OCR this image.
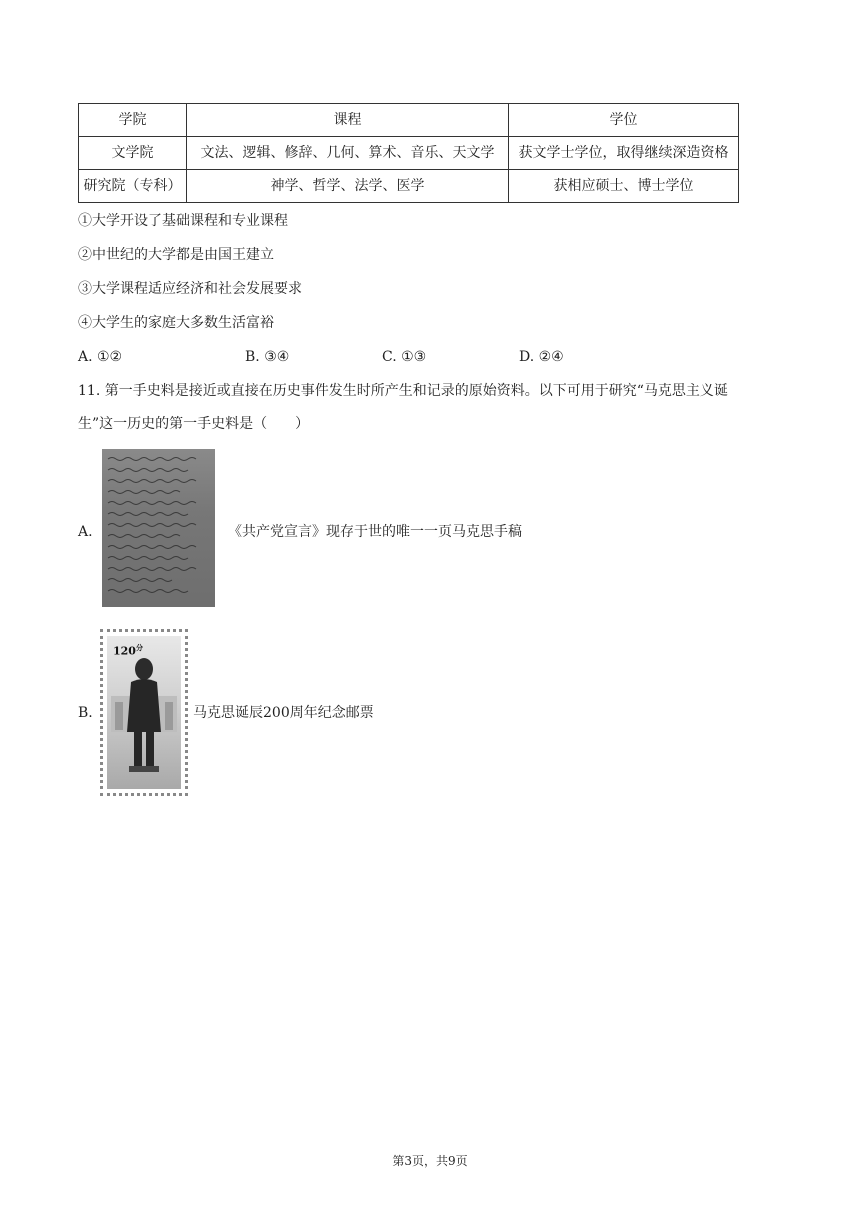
学院	课程	学位
文学院	文法、逻辑、修辞、几何、算术、音乐、天文学	获文学士学位，取得继续深造资格
研究院（专科）	神学、哲学、法学、医学	获相应硕士、博士学位
①大学开设了基础课程和专业课程
②中世纪的大学都是由国王建立
③大学课程适应经济和社会发展要求
④大学生的家庭大多数生活富裕
A. ①②	B. ③④	C. ①③	D. ②④
11. 第一手史料是接近或直接在历史事件发生时所产生和记录的原始资料。以下可用于研究“马克思主义诞
生”这一历史的第一手史料是（　　）
A.	《共产党宣言》现存于世的唯一一页马克思手稿
B.
$120^分$
马克思诞辰200周年纪念邮票
第3页，共9页
